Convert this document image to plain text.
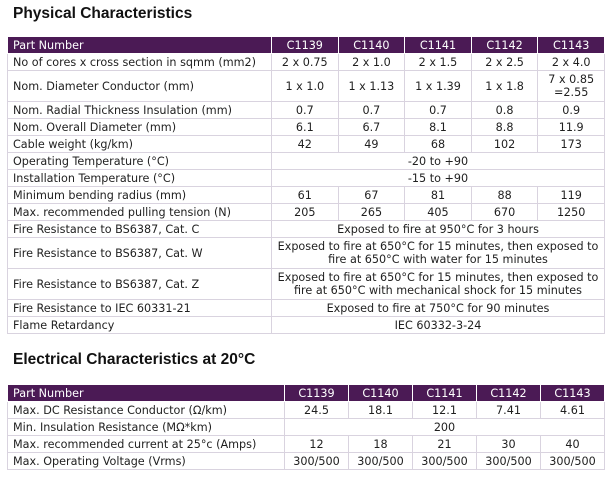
Physical Characteristics
Part Number	C1139	C1140	C1141	C1142	C1143
No of cores x cross section in sqmm (mm2)	2 x 0.75	2 x 1.0	2 x 1.5	2 x 2.5	2 x 4.0
Nom. Diameter Conductor (mm)	1 x 1.0	1 x 1.13	1 x 1.39	1 x 1.8	7 x 0.85 =2.55
Nom. Radial Thickness Insulation (mm)	0.7	0.7	0.7	0.8	0.9
Nom. Overall Diameter (mm)	6.1	6.7	8.1	8.8	11.9
Cable weight (kg/km)	42	49	68	102	173
Operating Temperature (°C)	-20 to +90				
Installation Temperature (°C)	-15 to +90				
Minimum bending radius (mm)	61	67	81	88	119
Max. recommended pulling tension (N)	205	265	405	670	1250
Fire Resistance to BS6387, Cat. C	Exposed to fire at 950°C for 3 hours				
Fire Resistance to BS6387, Cat. W	Exposed to fire at 650°C for 15 minutes, then exposed to fire at 650°C with water for 15 minutes				
Fire Resistance to BS6387, Cat. Z	Exposed to fire at 650°C for 15 minutes, then exposed to fire at 650°C with mechanical shock for 15 minutes				
Fire Resistance to IEC 60331-21	Exposed to fire at 750°C for 90 minutes				
Flame Retardancy	IEC 60332-3-24				
Electrical Characteristics at 20°C
Part Number	C1139	C1140	C1141	C1142	C1143
Max. DC Resistance Conductor (Ω/km)	24.5	18.1	12.1	7.41	4.61
Min. Insulation Resistance (MΩ*km)	200				
Max. recommended current at 25°c (Amps)	12	18	21	30	40
Max. Operating Voltage (Vrms)	300/500	300/500	300/500	300/500	300/500
